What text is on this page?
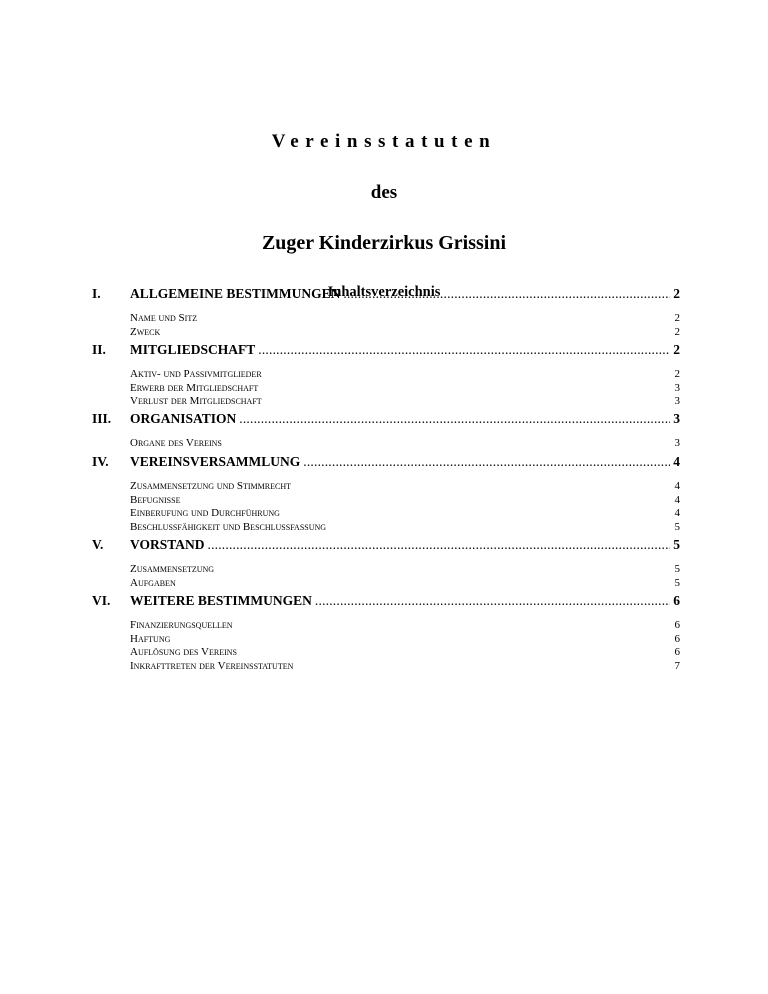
Vereinsstatuten
des
Zuger Kinderzirkus Grissini
Inhaltsverzeichnis
I. ALLGEMEINE BESTIMMUNGEN .....	2
Name und Sitz	2
Zweck	2
II. MITGLIEDSCHAFT .....	2
Aktiv- und Passivmitglieder	2
Erwerb der Mitgliedschaft	3
Verlust der Mitgliedschaft	3
III. ORGANISATION .....	3
Organe des Vereins	3
IV. VEREINSVERSAMMLUNG .....	4
Zusammensetzung und Stimmrecht	4
Befugnisse	4
Einberufung und Durchführung	4
Beschlussfähigkeit und Beschlussfassung	5
V. VORSTAND .....	5
Zusammensetzung	5
Aufgaben	5
VI. WEITERE BESTIMMUNGEN .....	6
Finanzierungsquellen	6
Haftung	6
Auflösung des Vereins	6
Inkrafttreten der Vereinsstatuten	7
